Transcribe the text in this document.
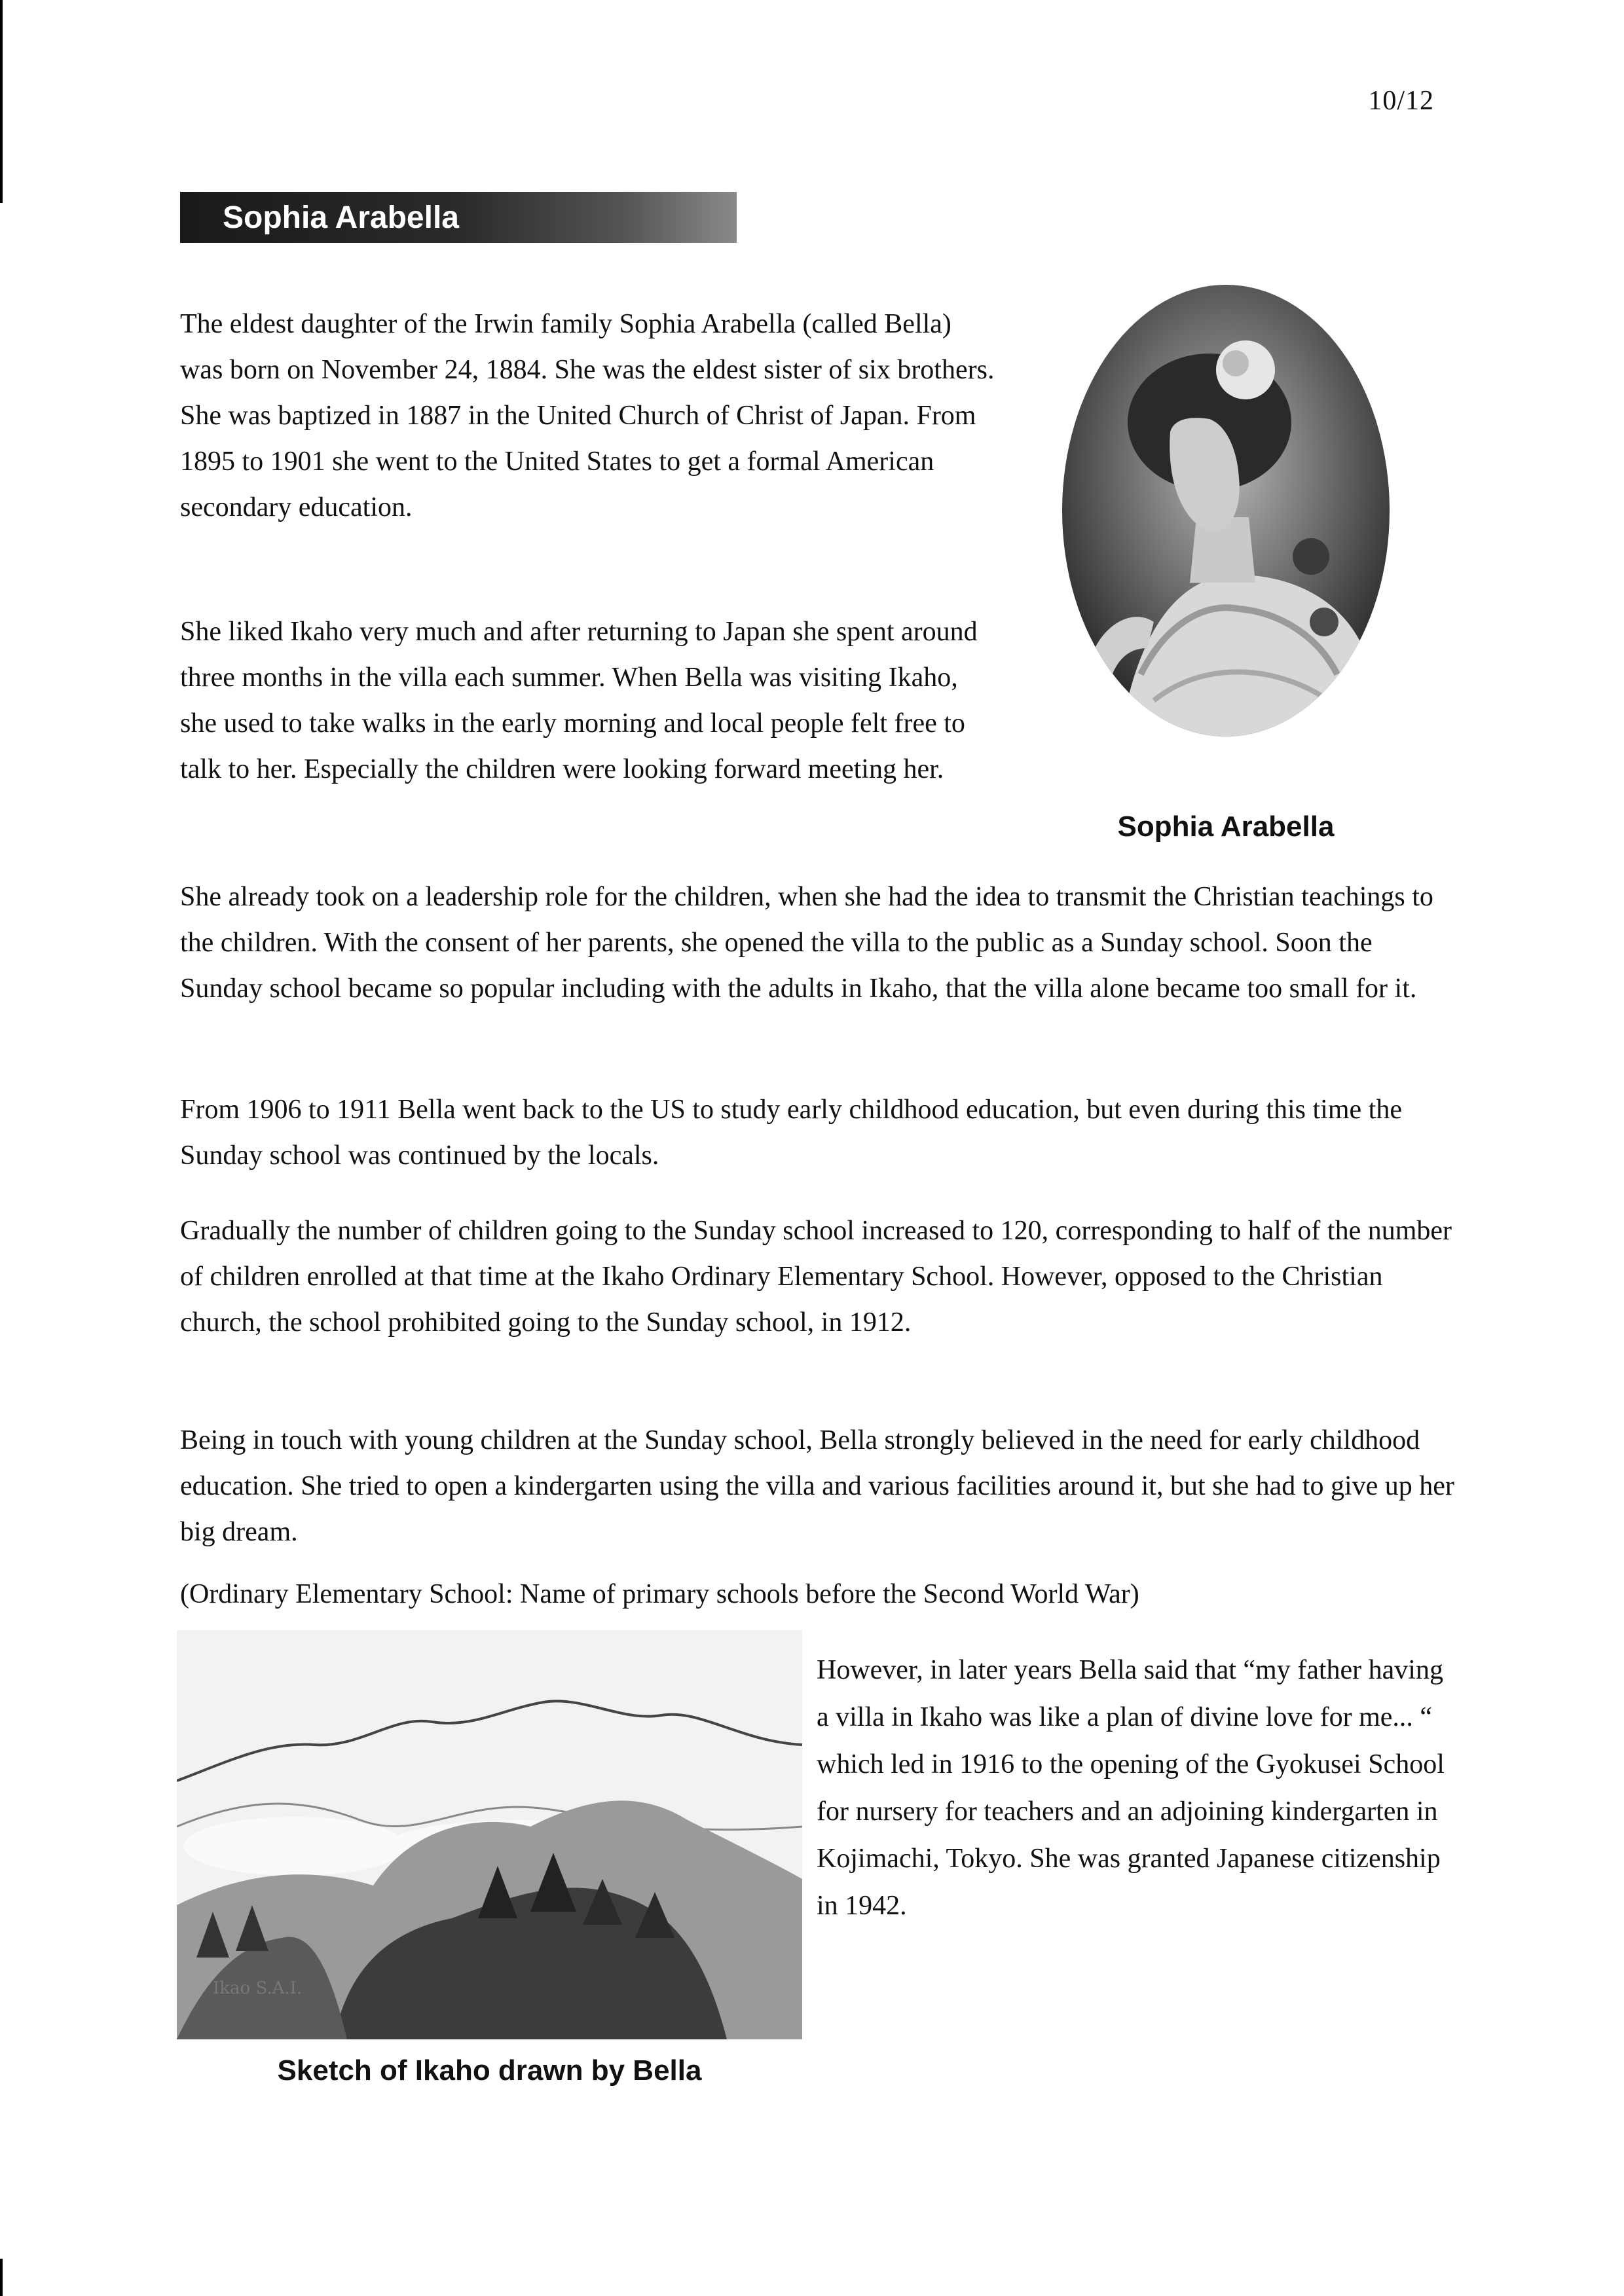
10/12
Sophia Arabella

The eldest daughter of the Irwin family Sophia Arabella (called Bella) was born on November 24, 1884. She was the eldest sister of six brothers. She was baptized in 1887 in the United Church of Christ of Japan. From 1895 to 1901 she went to the United States to get a formal American secondary education.

She liked Ikaho very much and after returning to Japan she spent around three months in the villa each summer. When Bella was visiting Ikaho, she used to take walks in the early morning and local people felt free to talk to her. Especially the children were looking forward meeting her.

Sophia Arabella

She already took on a leadership role for the children, when she had the idea to transmit the Christian teachings to the children. With the consent of her parents, she opened the villa to the public as a Sunday school. Soon the Sunday school became so popular including with the adults in Ikaho, that the villa alone became too small for it.

From 1906 to 1911 Bella went back to the US to study early childhood education, but even during this time the Sunday school was continued by the locals.

Gradually the number of children going to the Sunday school increased to 120, corresponding to half of the number of children enrolled at that time at the Ikaho Ordinary Elementary School. However, opposed to the Christian church, the school prohibited going to the Sunday school, in 1912.

Being in touch with young children at the Sunday school, Bella strongly believed in the need for early childhood education. She tried to open a kindergarten using the villa and various facilities around it, but she had to give up her big dream.

(Ordinary Elementary School: Name of primary schools before the Second World War)

Ikao S.A.I.
Sketch of Ikaho drawn by Bella

However, in later years Bella said that “my father having a villa in Ikaho was like a plan of divine love for me... “ which led in 1916 to the opening of the Gyokusei School for nursery for teachers and an adjoining kindergarten in Kojimachi, Tokyo. She was granted Japanese citizenship in 1942.
